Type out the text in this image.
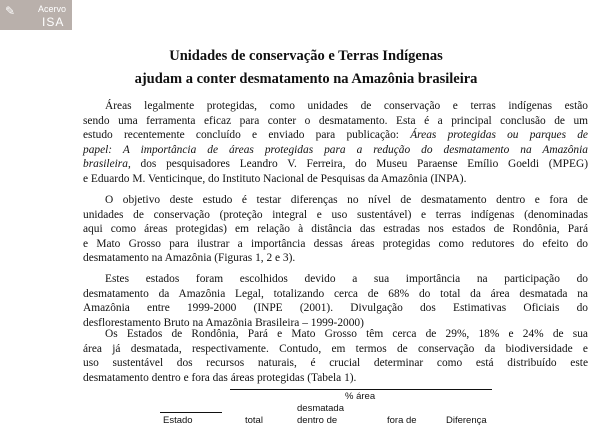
✎	Acervo
ISA
Unidades de conservação e Terras Indígenas
ajudam a conter desmatamento na Amazônia brasileira

Áreas legalmente protegidas, como unidades de conservação e terras indígenas estão
sendo uma ferramenta eficaz para conter o desmatamento. Esta é a principal conclusão de um
estudo recentemente concluído e enviado para publicação: Áreas protegidas ou parques de
papel: A importância de áreas protegidas para a redução do desmatamento na Amazônia
brasileira, dos pesquisadores Leandro V. Ferreira, do Museu Paraense Emílio Goeldi (MPEG)
e Eduardo M. Venticinque, do Instituto Nacional de Pesquisas da Amazônia (INPA).

O objetivo deste estudo é testar diferenças no nível de desmatamento dentro e fora de
unidades de conservação (proteção integral e uso sustentável) e terras indígenas (denominadas
aqui como áreas protegidas) em relação à distância das estradas nos estados de Rondônia, Pará
e Mato Grosso para ilustrar a importância dessas áreas protegidas como redutores do efeito do
desmatamento na Amazônia (Figuras 1, 2 e 3).

Estes estados foram escolhidos devido a sua importância na participação do
desmatamento da Amazônia Legal, totalizando cerca de 68% do total da área desmatada na
Amazônia entre 1999-2000 (INPE (2001). Divulgação dos Estimativas Oficiais do
desflorestamento Bruto na Amazônia Brasileira – 1999-2000)

Os Estados de Rondônia, Pará e Mato Grosso têm cerca de 29%, 18% e 24% de sua
área já desmatada, respectivamente. Contudo, em termos de conservação da biodiversidade e
uso sustentável dos recursos naturais, é crucial determinar como está distribuído este
desmatamento dentro e fora das áreas protegidas (Tabela 1).

% área
desmatada
Estado	total	dentro de	fora de	Diferença
